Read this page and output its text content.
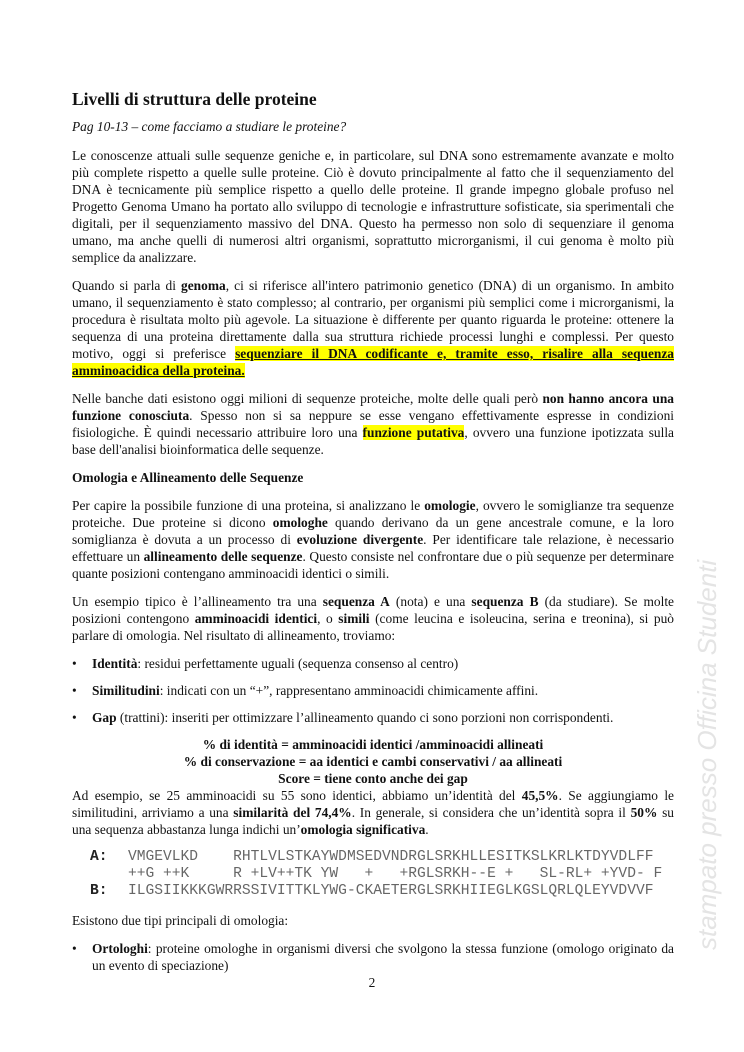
Livelli di struttura delle proteine
Pag 10-13 – come facciamo a studiare le proteine?

Le conoscenze attuali sulle sequenze geniche e, in particolare, sul DNA sono estremamente avanzate e molto più complete rispetto a quelle sulle proteine. Ciò è dovuto principalmente al fatto che il sequenziamento del DNA è tecnicamente più semplice rispetto a quello delle proteine. Il grande impegno globale profuso nel Progetto Genoma Umano ha portato allo sviluppo di tecnologie e infrastrutture sofisticate, sia sperimentali che digitali, per il sequenziamento massivo del DNA. Questo ha permesso non solo di sequenziare il genoma umano, ma anche quelli di numerosi altri organismi, soprattutto microrganismi, il cui genoma è molto più semplice da analizzare.

Quando si parla di genoma, ci si riferisce all'intero patrimonio genetico (DNA) di un organismo. In ambito umano, il sequenziamento è stato complesso; al contrario, per organismi più semplici come i microrganismi, la procedura è risultata molto più agevole. La situazione è differente per quanto riguarda le proteine: ottenere la sequenza di una proteina direttamente dalla sua struttura richiede processi lunghi e complessi. Per questo motivo, oggi si preferisce sequenziare il DNA codificante e, tramite esso, risalire alla sequenza amminoacidica della proteina.

Nelle banche dati esistono oggi milioni di sequenze proteiche, molte delle quali però non hanno ancora una funzione conosciuta. Spesso non si sa neppure se esse vengano effettivamente espresse in condizioni fisiologiche. È quindi necessario attribuire loro una funzione putativa, ovvero una funzione ipotizzata sulla base dell'analisi bioinformatica delle sequenze.

Omologia e Allineamento delle Sequenze

Per capire la possibile funzione di una proteina, si analizzano le omologie, ovvero le somiglianze tra sequenze proteiche. Due proteine si dicono omologhe quando derivano da un gene ancestrale comune, e la loro somiglianza è dovuta a un processo di evoluzione divergente. Per identificare tale relazione, è necessario effettuare un allineamento delle sequenze. Questo consiste nel confrontare due o più sequenze per determinare quante posizioni contengano amminoacidi identici o simili.

Un esempio tipico è l’allineamento tra una sequenza A (nota) e una sequenza B (da studiare). Se molte posizioni contengono amminoacidi identici, o simili (come leucina e isoleucina, serina e treonina), si può parlare di omologia. Nel risultato di allineamento, troviamo:

• Identità: residui perfettamente uguali (sequenza consenso al centro)
• Similitudini: indicati con un “+”, rappresentano amminoacidi chimicamente affini.
• Gap (trattini): inseriti per ottimizzare l’allineamento quando ci sono porzioni non corrispondenti.
% di identità = amminoacidi identici /amminoacidi allineati
% di conservazione = aa identici e cambi conservativi / aa allineati
Score = tiene conto anche dei gap

Ad esempio, se 25 amminoacidi su 55 sono identici, abbiamo un’identità del 45,5%. Se aggiungiamo le similitudini, arriviamo a una similarità del 74,4%. In generale, si considera che un’identità sopra il 50% su una sequenza abbastanza lunga indichi un’omologia significativa.

A: VMGEVLKD    RHTLVLSTKAYWDMSEDVNDRGLSRKHLLESITKSLKRLKTDYVDLFF
++G ++K     R +LV++TK YW   +   +RGLSRKH--E +   SL-RL+ +YVD- F
B: ILGSIIKKKGWRRSSIVITTKLYWG-CKAETERGLSRKHIIEGLKGSLQRLQLEYVDVVF

Esistono due tipi principali di omologia:

• Ortologhi: proteine omologhe in organismi diversi che svolgono la stessa funzione (omologo originato da un evento di speciazione)
2
stampato presso Officina Studenti
